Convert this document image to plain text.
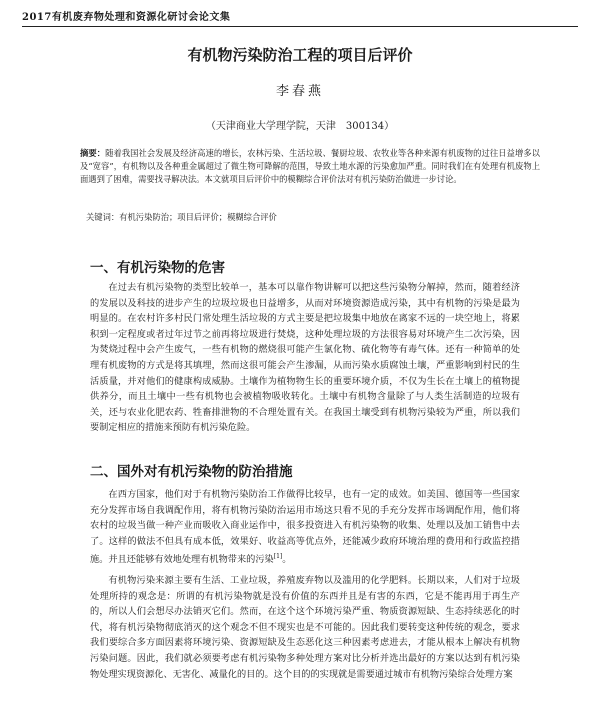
2017有机废弃物处理和资源化研讨会论文集
有机物污染防治工程的项目后评价
李春燕
（天津商业大学理学院，天津　300134）
摘要：随着我国社会发展及经济高速的增长，农林污染、生活垃圾、餐厨垃圾、农牧业等各种来源有机废物的过往日益增多以及“宽容”，有机物以及各种重金属超过了微生物可降解的范围，导致土地水源的污染愈加严重。同时我们在有处理有机废物上面遇到了困难，需要找寻解决法。本文就项目后评价中的模糊综合评价法对有机污染防治做进一步讨论。
关键词：有机污染防治；项目后评价；模糊综合评价
一、有机污染物的危害

在过去有机污染物的类型比较单一，基本可以靠作物讲解可以把这些污染物分解掉，然而，随着经济的发展以及科技的进步产生的垃圾垃圾也日益增多，从而对环境资源造成污染，其中有机物的污染是最为明显的。在农村许多村民门常处理生活垃圾的方式主要是把垃圾集中地放在离家不远的一块空地上，将累积到一定程度或者过年过节之前再将垃圾进行焚烧，这种处理垃圾的方法很容易对环境产生二次污染，因为焚烧过程中会产生废气，一些有机物的燃烧很可能产生氯化物、硫化物等有毒气体。还有一种简单的处理有机废物的方式是将其填埋，然而这很可能会产生渗漏，从而污染水质腐蚀土壤，严重影响到村民的生活质量，并对他们的健康构成威胁。土壤作为植物物生长的重要环境介质，不仅为生长在土壤上的植物提供养分，而且土壤中一些有机物也会被植物吸收转化。土壤中有机物含量除了与人类生活制造的垃圾有关，还与农业化肥农药、牲畜排泄物的不合理处置有关。在我国土壤受到有机物污染较为严重，所以我们要制定相应的措施来预防有机污染危险。

二、国外对有机污染物的防治措施

在西方国家，他们对于有机物污染防治工作做得比较早，也有一定的成效。如美国、德国等一些国家充分发挥市场自我调配作用，将有机物污染防治运用市场这只看不见的手充分发挥市场调配作用，他们将农村的垃圾当做一种产业而吸收入商业运作中，很多投资进入有机污染物的收集、处理以及加工销售中去了。这样的做法不但具有成本低，效果好、收益高等优点外，还能减少政府环境治理的费用和行政监控措施。并且还能够有效地处理有机物带来的污染[1]。

有机物污染来源主要有生活、工业垃圾，养殖废弃物以及滥用的化学肥料。长期以来，人们对于垃圾处理所持的观念是：所谓的有机污染物就是没有价值的东西并且是有害的东西，它是不能再用于再生产的，所以人们会想尽办法销灭它们。然而，在这个这个环境污染严重、物质资源短缺、生态持续恶化的时代，将有机污染物彻底消灭的这个观念不但不现实也是不可能的。因此我们要转变这种传统的观念，要求我们要综合多方面因素将环境污染、资源短缺及生态恶化这三种因素考虑进去，才能从根本上解决有机物污染问题。因此，我们就必须要考虑有机污染物多种处理方案对比分析并选出最好的方案以达到有机污染物处理实现资源化、无害化、减量化的目的。这个目的的实现就是需要通过城市有机物污染综合处理方案
